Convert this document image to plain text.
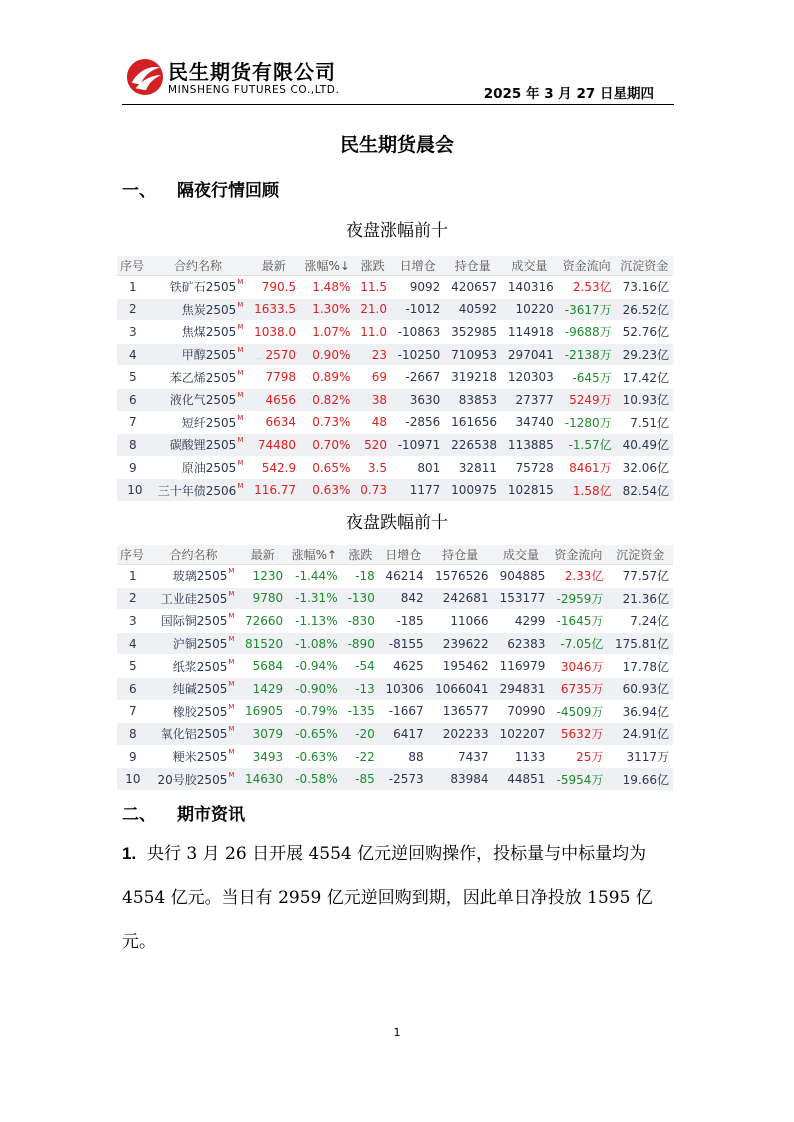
民生期货有限公司
MINSHENG FUTURES CO.,LTD.	2025 年 3 月 27 日星期四
民生期货晨会
一、 隔夜行情回顾
夜盘涨幅前十
序号	合约名称	最新	涨幅%↓	涨跌	日增仓	持仓量	成交量	资金流向	沉淀资金
1	铁矿石$2505^M$	790.5	1.48%	11.5	9092	420657	140316	2.53亿	73.16亿
2	焦炭$2505^M$	1633.5	1.30%	21.0	-1012	40592	10220	-3617万	26.52亿
3	焦煤$2505^M$	1038.0	1.07%	11.0	-10863	352985	114918	-9688万	52.76亿
4	甲醇$2505^M$	2570	0.90%	23	-10250	710953	297041	-2138万	29.23亿
5	苯乙烯$2505^M$	7798	0.89%	69	-2667	319218	120303	-645万	17.42亿
6	液化气$2505^M$	4656	0.82%	38	3630	83853	27377	5249万	10.93亿
7	短纤$2505^M$	6634	0.73%	48	-2856	161656	34740	-1280万	7.51亿
8	碳酸锂$2505^M$	74480	0.70%	520	-10971	226538	113885	-1.57亿	40.49亿
9	原油$2505^M$	542.9	0.65%	3.5	801	32811	75728	8461万	32.06亿
10	三十年债$2506^M$	116.77	0.63%	0.73	1177	100975	102815	1.58亿	82.54亿
夜盘跌幅前十
序号	合约名称	最新	涨幅%↑	涨跌	日增仓	持仓量	成交量	资金流向	沉淀资金
1	玻璃$2505^M$	1230	-1.44%	-18	46214	1576526	904885	2.33亿	77.57亿
2	工业硅$2505^M$	9780	-1.31%	-130	842	242681	153177	-2959万	21.36亿
3	国际铜$2505^M$	72660	-1.13%	-830	-185	11066	4299	-1645万	7.24亿
4	沪铜$2505^M$	81520	-1.08%	-890	-8155	239622	62383	-7.05亿	175.81亿
5	纸浆$2505^M$	5684	-0.94%	-54	4625	195462	116979	3046万	17.78亿
6	纯碱$2505^M$	1429	-0.90%	-13	10306	1066041	294831	6735万	60.93亿
7	橡胶$2505^M$	16905	-0.79%	-135	-1667	136577	70990	-4509万	36.94亿
8	氧化铝$2505^M$	3079	-0.65%	-20	6417	202233	102207	5632万	24.91亿
9	粳米$2505^M$	3493	-0.63%	-22	88	7437	1133	25万	3117万
10	20号胶$2505^M$	14630	-0.58%	-85	-2573	83984	44851	-5954万	19.66亿
二、 期市资讯
1. 央行 3 月 26 日开展 4554 亿元逆回购操作，投标量与中标量均为 4554 亿元。当日有 2959 亿元逆回购到期，因此单日净投放 1595 亿元。
1
